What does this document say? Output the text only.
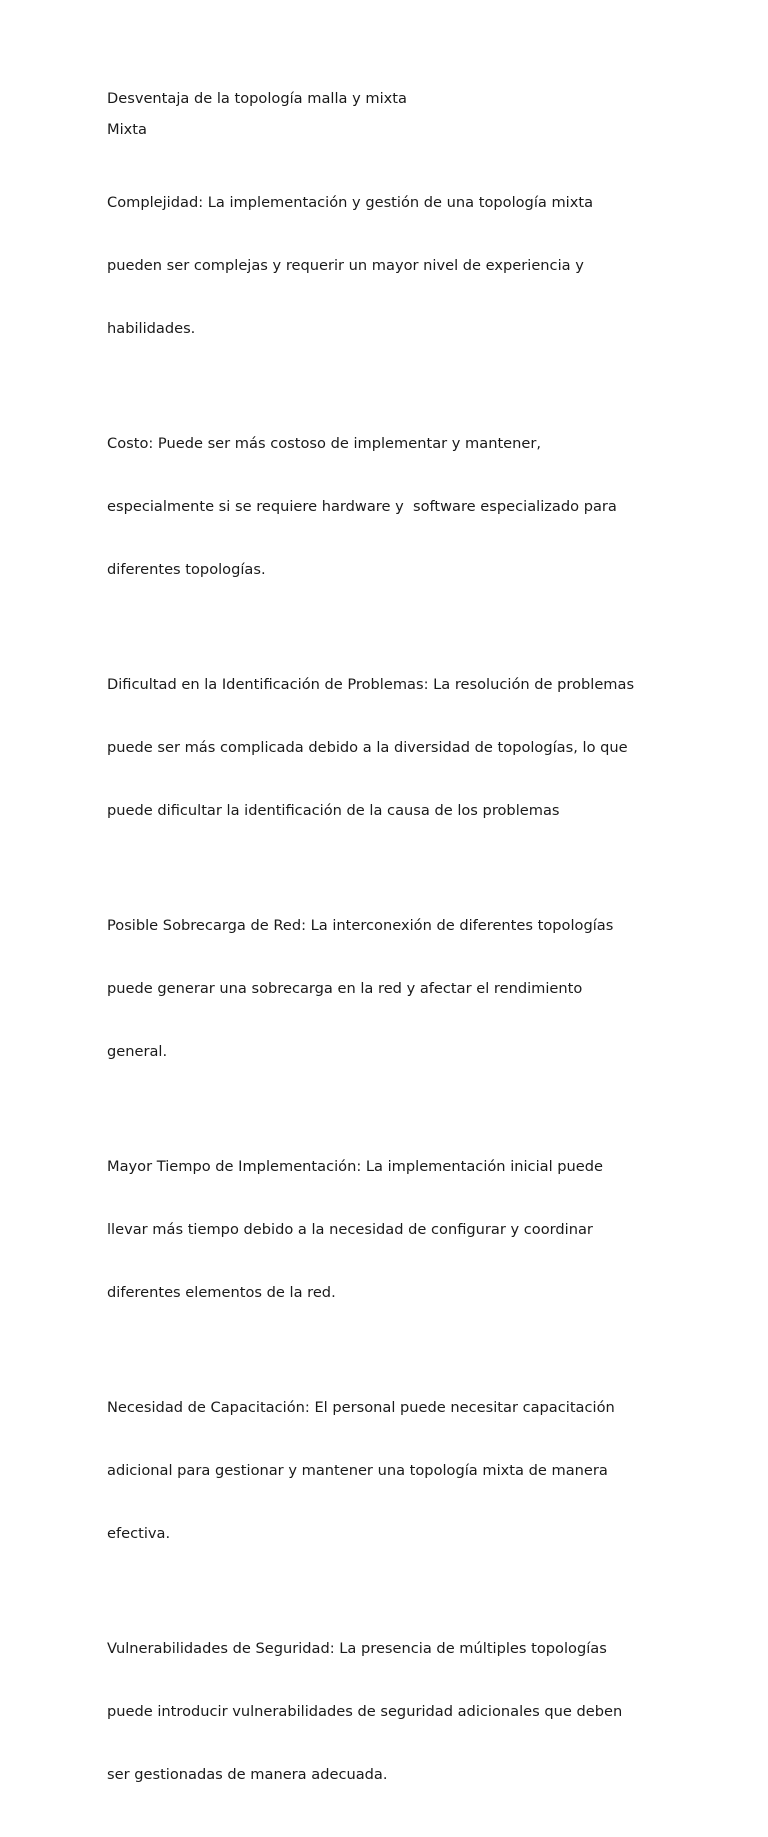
Desventaja de la topología malla y mixta

Mixta

Complejidad: La implementación y gestión de una topología mixta

pueden ser complejas y requerir un mayor nivel de experiencia y

habilidades.

Costo: Puede ser más costoso de implementar y mantener,

especialmente si se requiere hardware y  software especializado para

diferentes topologías.

Dificultad en la Identificación de Problemas: La resolución de problemas

puede ser más complicada debido a la diversidad de topologías, lo que

puede dificultar la identificación de la causa de los problemas

Posible Sobrecarga de Red: La interconexión de diferentes topologías

puede generar una sobrecarga en la red y afectar el rendimiento

general.

Mayor Tiempo de Implementación: La implementación inicial puede

llevar más tiempo debido a la necesidad de configurar y coordinar

diferentes elementos de la red.

Necesidad de Capacitación: El personal puede necesitar capacitación

adicional para gestionar y mantener una topología mixta de manera

efectiva.

Vulnerabilidades de Seguridad: La presencia de múltiples topologías

puede introducir vulnerabilidades de seguridad adicionales que deben

ser gestionadas de manera adecuada.
